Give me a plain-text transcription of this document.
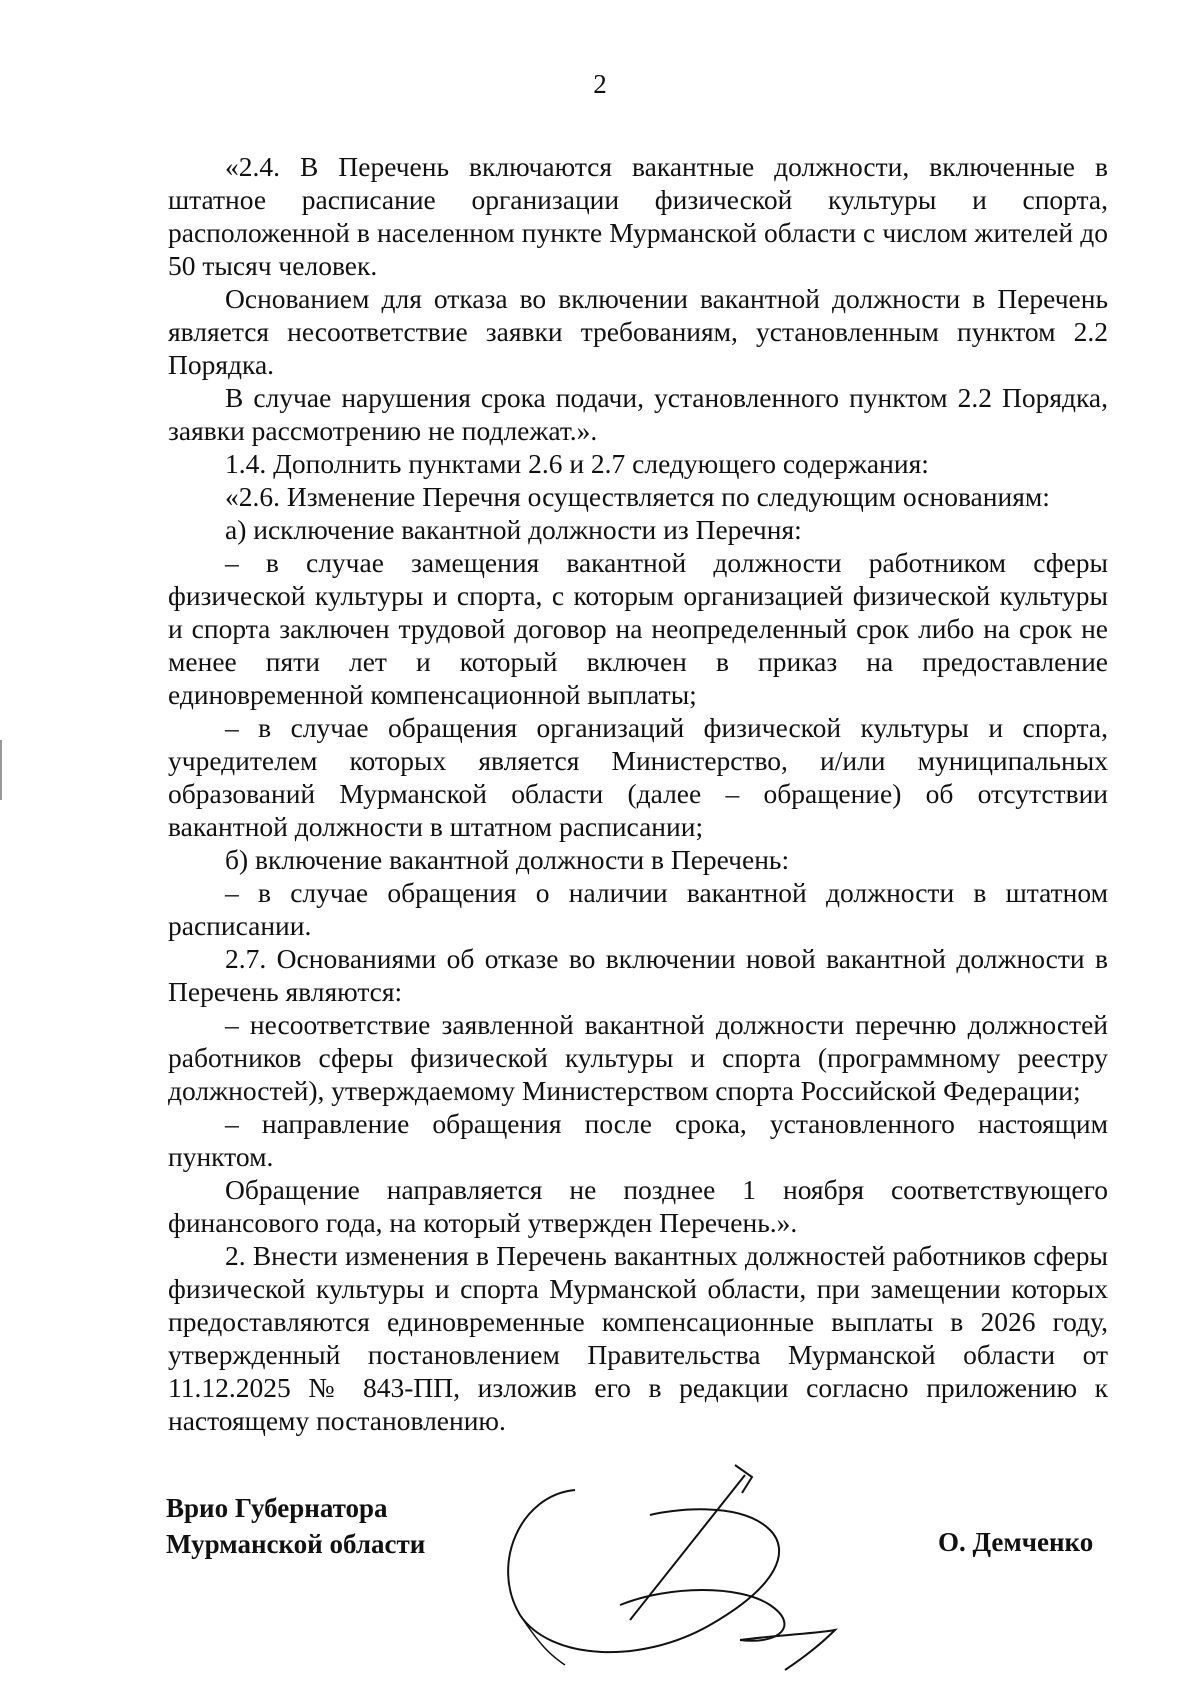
2

«2.4. В Перечень включаются вакантные должности, включенные в штатное расписание организации физической культуры и спорта, расположенной в населенном пункте Мурманской области с числом жителей до 50 тысяч человек.

Основанием для отказа во включении вакантной должности в Перечень является несоответствие заявки требованиям, установленным пунктом 2.2 Порядка.

В случае нарушения срока подачи, установленного пунктом 2.2 Порядка, заявки рассмотрению не подлежат.».

1.4. Дополнить пунктами 2.6 и 2.7 следующего содержания:

«2.6. Изменение Перечня осуществляется по следующим основаниям:

а) исключение вакантной должности из Перечня:

– в случае замещения вакантной должности работником сферы физической культуры и спорта, с которым организацией физической культуры и спорта заключен трудовой договор на неопределенный срок либо на срок не менее пяти лет и который включен в приказ на предоставление единовременной компенсационной выплаты;

– в случае обращения организаций физической культуры и спорта, учредителем которых является Министерство, и/или муниципальных образований Мурманской области (далее – обращение) об отсутствии вакантной должности в штатном расписании;

б) включение вакантной должности в Перечень:

– в случае обращения о наличии вакантной должности в штатном расписании.

2.7. Основаниями об отказе во включении новой вакантной должности в Перечень являются:

– несоответствие заявленной вакантной должности перечню должностей работников сферы физической культуры и спорта (программному реестру должностей), утверждаемому Министерством спорта Российской Федерации;

– направление обращения после срока, установленного настоящим пунктом.

Обращение направляется не позднее 1 ноября соответствующего финансового года, на который утвержден Перечень.».

2. Внести изменения в Перечень вакантных должностей работников сферы физической культуры и спорта Мурманской области, при замещении которых предоставляются единовременные компенсационные выплаты в 2026 году, утвержденный постановлением Правительства Мурманской области от 11.12.2025 № 843-ПП, изложив его в редакции согласно приложению к настоящему постановлению.

Врио Губернатора
Мурманской области	О. Демченко
